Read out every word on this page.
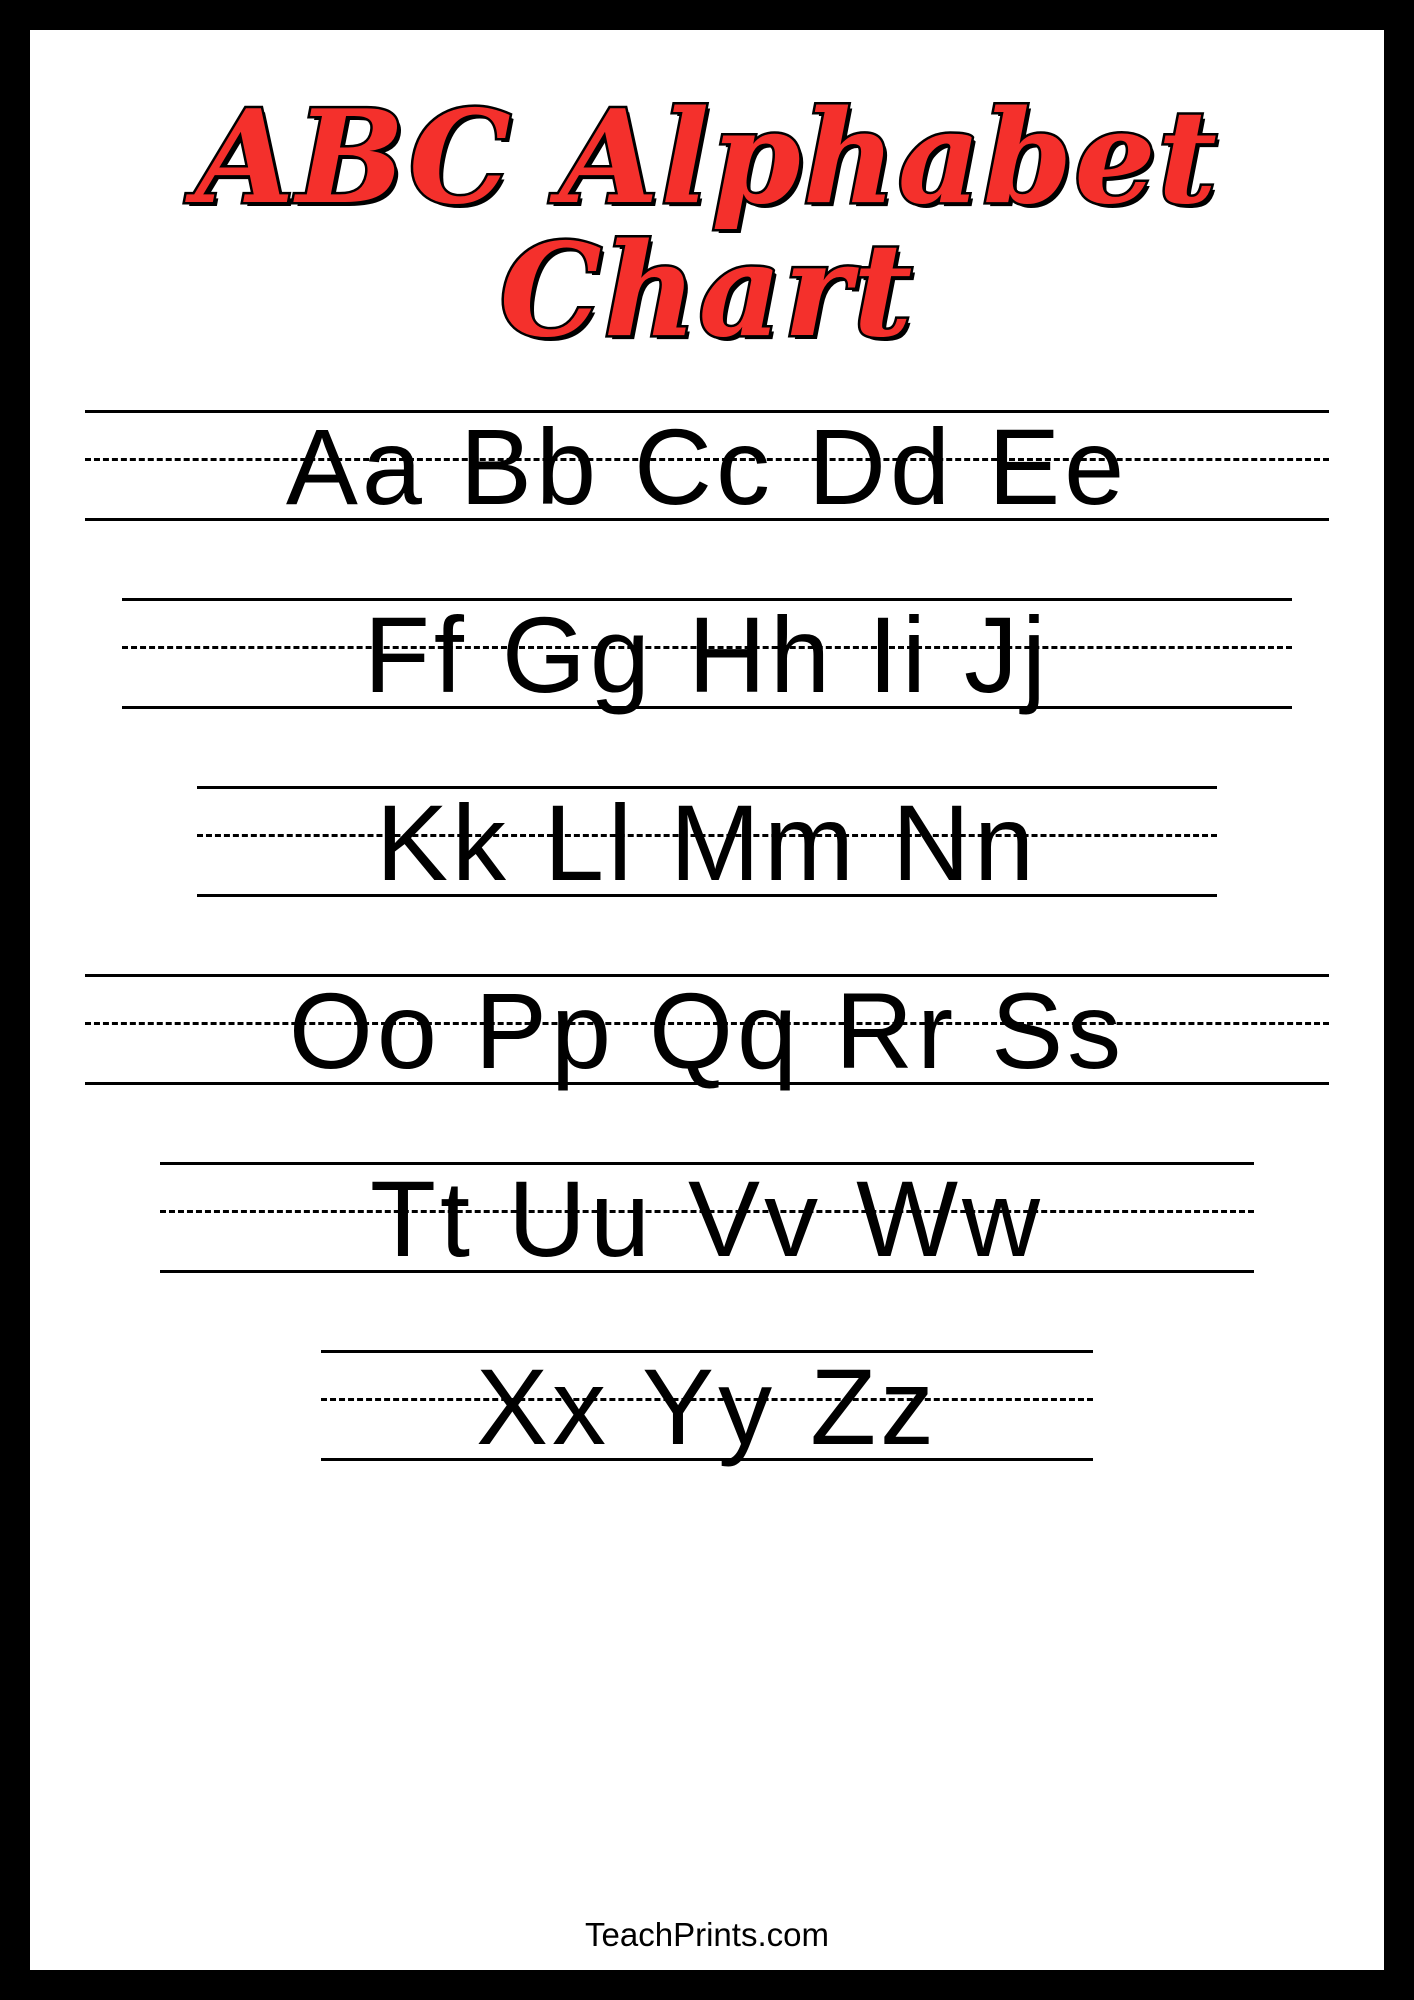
ABC Alphabet
Chart
Aa Bb Cc Dd Ee
Ff Gg Hh Ii Jj
Kk Ll Mm Nn
Oo Pp Qq Rr Ss
Tt Uu Vv Ww
Xx Yy Zz
TeachPrints.com
